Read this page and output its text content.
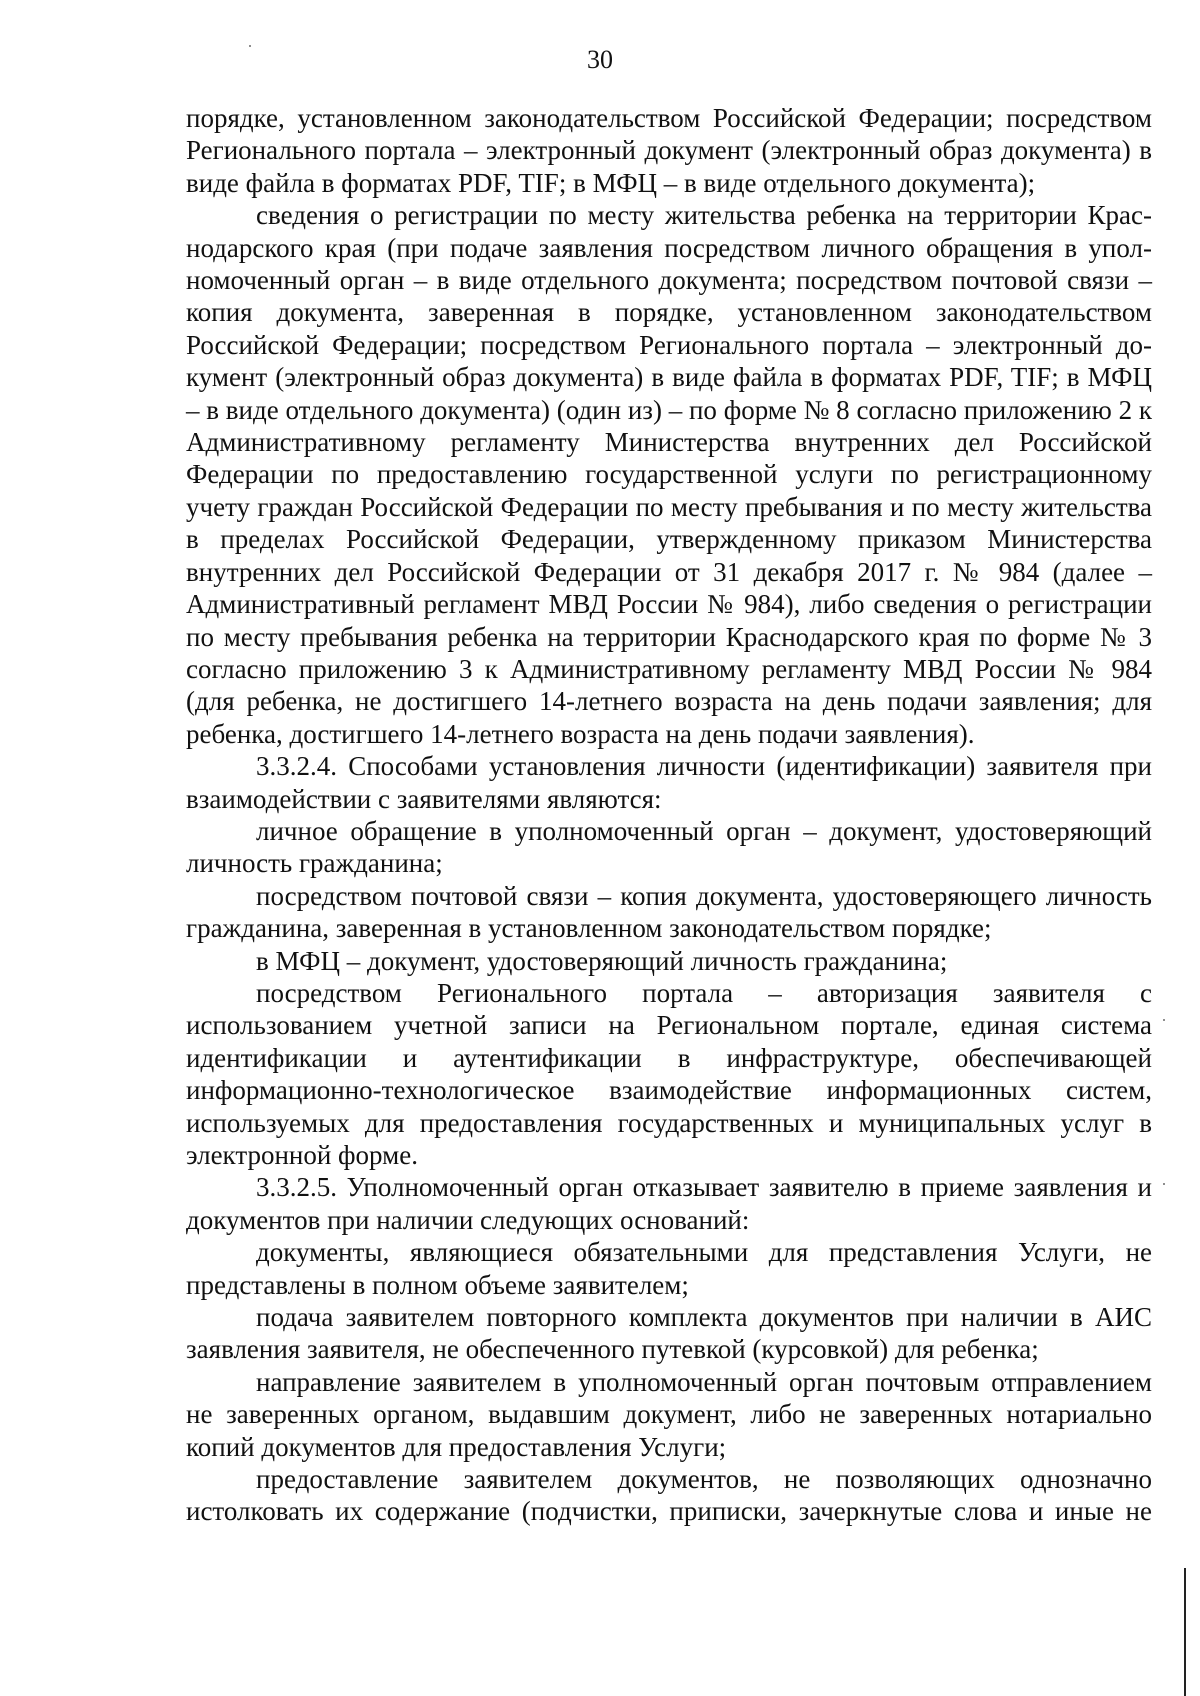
30

порядке, установленном законодательством Российской Федерации; посредством Регионального портала – электронный документ (электронный образ документа) в виде файла в форматах PDF, TIF; в МФЦ – в виде отдельного документа);

сведения о регистрации по месту жительства ребенка на территории Краснодарского края (при подаче заявления посредством личного обращения в уполномоченный орган – в виде отдельного документа; посредством почтовой связи – копия документа, заверенная в порядке, установленном законодательством Российской Федерации; посредством Регионального портала – электронный документ (электронный образ документа) в виде файла в форматах PDF, TIF; в МФЦ – в виде отдельного документа) (один из) – по форме № 8 согласно приложению 2 к Административному регламенту Министерства внутренних дел Российской Федерации по предоставлению государственной услуги по регистрационному учету граждан Российской Федерации по месту пребывания и по месту жительства в пределах Российской Федерации, утвержденному приказом Министерства внутренних дел Российской Федерации от 31 декабря 2017 г. № 984 (далее – Административный регламент МВД России № 984), либо сведения о регистрации по месту пребывания ребенка на территории Краснодарского края по форме № 3 согласно приложению 3 к Административному регламенту МВД России № 984 (для ребенка, не достигшего 14-летнего возраста на день подачи заявления; для ребенка, достигшего 14-летнего возраста на день подачи заявления).

3.3.2.4. Способами установления личности (идентификации) заявителя при взаимодействии с заявителями являются:

личное обращение в уполномоченный орган – документ, удостоверяющий личность гражданина;

посредством почтовой связи – копия документа, удостоверяющего личность гражданина, заверенная в установленном законодательством порядке;

в МФЦ – документ, удостоверяющий личность гражданина;

посредством Регионального портала – авторизация заявителя с использованием учетной записи на Региональном портале, единая система идентификации и аутентификации в инфраструктуре, обеспечивающей информационно-технологическое взаимодействие информационных систем, используемых для предоставления государственных и муниципальных услуг в электронной форме.

3.3.2.5. Уполномоченный орган отказывает заявителю в приеме заявления и документов при наличии следующих оснований:

документы, являющиеся обязательными для представления Услуги, не представлены в полном объеме заявителем;

подача заявителем повторного комплекта документов при наличии в АИС заявления заявителя, не обеспеченного путевкой (курсовкой) для ребенка;

направление заявителем в уполномоченный орган почтовым отправлением не заверенных органом, выдавшим документ, либо не заверенных нотариально копий документов для предоставления Услуги;

предоставление заявителем документов, не позволяющих однозначно истолковать их содержание (подчистки, приписки, зачеркнутые слова и иные не
